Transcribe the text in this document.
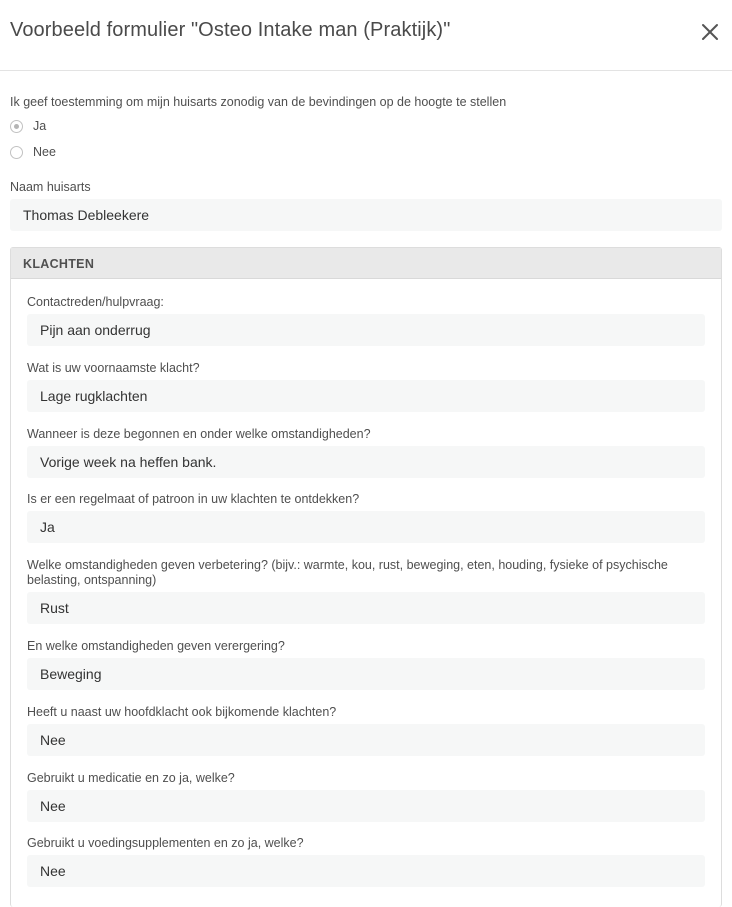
Voorbeeld formulier "Osteo Intake man (Praktijk)"
Ik geef toestemming om mijn huisarts zonodig van de bevindingen op de hoogte te stellen
Ja
Nee
Naam huisarts
Thomas Debleekere
KLACHTEN
Contactreden/hulpvraag:
Pijn aan onderrug
Wat is uw voornaamste klacht?
Lage rugklachten
Wanneer is deze begonnen en onder welke omstandigheden?
Vorige week na heffen bank.
Is er een regelmaat of patroon in uw klachten te ontdekken?
Ja
Welke omstandigheden geven verbetering? (bijv.: warmte, kou, rust, beweging, eten, houding, fysieke of psychische belasting, ontspanning)
Rust
En welke omstandigheden geven verergering?
Beweging
Heeft u naast uw hoofdklacht ook bijkomende klachten?
Nee
Gebruikt u medicatie en zo ja, welke?
Nee
Gebruikt u voedingsupplementen en zo ja, welke?
Nee
